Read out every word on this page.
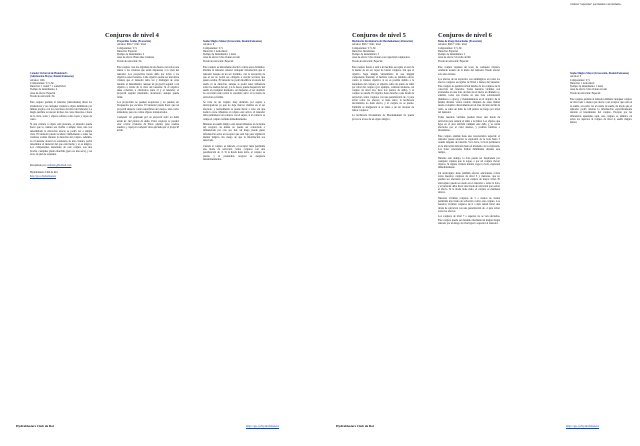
Conjuros de nivel 4
Cetador Universal de Hunderad's
(Adivinación Mayor, Ilusión/Fantasma)
Alcance: 10m
Componentes: V, S, M
Duración: 1 round + 1 round/nivel
Tiempo de lanzamiento: 4
Área de efecto: Especial
Tirada de salvación: No

Este conjuro permite al lanzador (únicamente) mirar los alrededores y ver cualquier criatura u objeto delimitado por límites propios con los caracteres del nivel del lanzador. La magia permite reconocer incluso las cosas ilusorias o fuera de la vista, solas y objetos sólidos como ropas y capas de cuero.

Si una criatura u objeto está presente, el lanzador puede hacer que la criatura sea visible a simple vista; una vez determinada la ubicación exacta se podrá ver a simple vista. El lanzador puede localizar visiblemente a todas las criaturas ocultas durante la duración del conjuro. Además, si el lanzador observa la existencia de una criatura, podrá determinar el material del que está hecha y si es mágica. Los componentes materiales de este conjuro son una brocha, cualquier planta marchita (pero no una seca), y un trozo de piel de serpiente.

Recopilado por: enfermo@hotmail.com

Hydrablasters Club de Rol
http://go.to/hydrablasters
Proyectiles Ácidos (Evocación)
Alcance: 60m + 10m / nivel
Componentes: V, S
Duración: Especial
Tiempo de lanzamiento: 4
Área de efecto: Hasta diez criaturas
Tirada de salvación: No

Este conjuro crea dos lágrimas de una fuerza corrosiva para lanzar a las criaturas que están dispuestas a la vista del lanzador. Los proyectiles hacen daño por ácido a los objetivos seleccionados. Cada objetivo puede ser una única criatura que el lanzador debe ver y distinguir de otras durante el lanzamiento; aunque un proyectil seguirá a un objetivo a través de la vista del lanzador. Si el objetivo tiene cobertura u obstáculos entre él y el lanzador, el proyectil seguirá intentando alcanzarlo, aunque puede fallar.

Los proyectiles no pueden esquivarse y no pueden ser bloqueados por escudos. El lanzador puede hacer que un proyectil impacte contra superficies del cuerpo, tales como armaduras, pero no contra objetos transportados.

Cualquier ser golpeado por un proyectil sufre un daño ácido de 1d4 puntos de daño. Estos conjuros se pueden usar contra criaturas de Estos objetos (una cadena madera, y ropa) en cualquier área afectada por el proyectil ácido.

Sueño Mágico Menor (Invocación, Ilusión/Fantasma)
Alcance: 0
Componentes: V, S
Duración: 1 turno/nivel
Tiempo de lanzamiento: 1 turno
Área de efecto: Una criatura tocada
Tirada de salvación: Especial

Este conjuro es únicamente efectivo contra seres dormidos. Permite al lanzador obtener cualquier información que el lanzador busque de un ser dormido, con la excepción de que el ser no podrá ser obligado a revelar secretos que quiera ocultar. El lanzador no podrá modificar el estado del sueño ni su duración, aunque sí podrá tener influencia sobre los sueños del ser, y si lo desea, puede despertarlo del sueño en cualquier momento. Al despertar, el ser dormido no recordará nada sobre lo sucedido salvo si la tirada de salvación es fallida.

Se trata de un conjuro muy utilizado por espías e interrogadores ya que no deja marcas visibles en el ser afectado, y normalmente se puede llevar a cabo sin que nadie lo note. Mientras el conjuro esté activo, el lanzador debe permanecer en contacto con el sujeto; si el contacto se rompe el conjuro termina inmediatamente.

Mientras un sueño mágico está desarrollándose en la mente del receptor, su mente no puede ser contactada o influenciada por otro ser. Así, un mago puede ganar información sobre un receptor que está bajo una vigilancia mental mágica, sin riesgo de que la información sea detectada.

Cuando el conjuro es lanzado, el receptor tiene permitida una tirada de salvación contra conjuros con una penalización de -5. Si la tirada tiene éxito, el conjuro se pierde, y el pretendido receptor se despierta instantáneamente.

Hydrablasters Club de Rol	http://go.to/hydrablasters
Conjuros de nivel 5	Conjuros de nivel 6
criaturas "especiales" que intenten a un elemento.
Hechicería Involuntaria de Mordenkainen (Alteración)
Alcance: 60m + 10m / nivel
Componentes: V, S, M
Duración: Instantáneo
Tiempo de lanzamiento: 5
Área de efecto: Una criatura con capacidad conjuradora
Tirada de salvación: Especial

Este conjuro fuerza a salir a un hechizo escogido al azar de la mente de un ser capaz de lanzar conjuros. Sin que el objetivo haga ningún lanzamiento ni use ningún componente material, el hechizo toma su máximo efecto contra la criatura objetivo: si no es posible debido a la naturaleza del conjuro, el objetivo sufre un punto de daño por nivel del conjuro (por ejemplo, combate moderno, un conjuro de nivel dos, hace dos puntos de daño), y el conjuro se pierde. El objetivo tiene derecho a una tirada de salvación contra conjuros con una penalización de -5 para evitar todos los efectos; si tiene éxito, la hechicería involuntaria no tiene efecto, y el conjuro no se pierde. También se malgastará si se lanza a un ser incapaz de lanzar conjuros.

La hechicería involuntaria de Mordenkainen no puede provocar el uso de un objeto mágico.

Bolas de Fuego Retardadas (Evocación)
Alcance: 60m + 10m / nivel
Componentes: V, S, M
Duración: Especial
Tiempo de lanzamiento: 5
Área de efecto: Un radio de 6m
Tirada de salvación: Especial

Este conjuro requiere un trozo de cualquier criatura, orientado usando de la mano del lanzador. Puede afectar solo una criatura.

Los efectos de un explosivo son antimágicos en todos los efectos conjuros escogidos de Nivel o menos del lanzador. Este conjuro no permite incluir mucho de los conjuros de la colección del lanzador. Todas nuestras víctimas son alcanzadas en una bola de más de un metro en diámetro y, además, todas son tiradas en una bola sobrenatural (luminosa o opaca), y manteniéndose en el objetivo de la misma durante varios rounds. Después de estas llamas desde el objetivo directamente en un área circular de 6m de radio, se sufre un daño de 1d6 puntos de fuego por nivel del lanzador.

Todas nuestras víctimas pueden hacer una tirada de salvación para reducir el daño a la mitad. Los objetos que haya en el área sufrirán también este daño y se verán afectados por el calor intenso, y podrían fundirse o incendiarse.

Este conjuro además tiene una característica especial: el lanzador puede retardar la explosión de la bola hasta 5 rounds después de lanzarla. Si lo hace, la bola permanece en la ubicación indicada hasta el momento de la explosión. Las bolas retardadas brillan débilmente durante este tiempo.

Durante este tiempo, la bola puede ser desplazada por cualquier criatura que la toque, o por un conjuro mover objetos. Si alguna criatura intenta coger la bola, explotará inmediatamente.

Un anticonjuro tiene también efectos adicionales contra todos nuestros conjuros de nivel 5 y menores, que no pueden ser afectados por un conjuro de mayor nivel. El anticonjuro puede ser usado en el lanzador o sobre la bola, y el lanzador debe hacer una tirada de salvación para evitar el efecto. Si la tirada tiene éxito, el conjuro se mantiene intacto.

Nuestras víctimas conjuros de 5 o menos no tienen permitida una tirada de salvación contra este conjuro. Los nuestros víctimas conjuros de 6 o más deben hacer una tirada de salvación con una penalización de -2 para evitar todos los efectos.

Los conjuros de nivel 7 o superior no se ven afectados. Este conjuro puede ser detenido mediante un disipar magia lanzado por un mago de nivel igual o superior al lanzador.

Sueño Mágico Mayor (Invocación, Ilusión/Fantasma)
Alcance: 0
Componentes: V, S
Duración: 1 turno/nivel
Tiempo de lanzamiento: 1 turno
Área de efecto: Una criatura tocada
Tirada de salvación: Especial

Este conjuro permite al lanzador eliminar cualquier conjuro de nivel seis o menor que afecte a un receptor que está en su sueño, así como ver el estado de sueño, de modo que el lanzador podrá obtener la información especificamente durante el lanzamiento del conjuro. Excepto por las diferencias apuntadas aquí, este conjuro es idéntico en todos los aspectos al conjuro de nivel 4, sueño mágico menor.

Hydrablasters Club de Rol	http://go.to/hydrablasters
